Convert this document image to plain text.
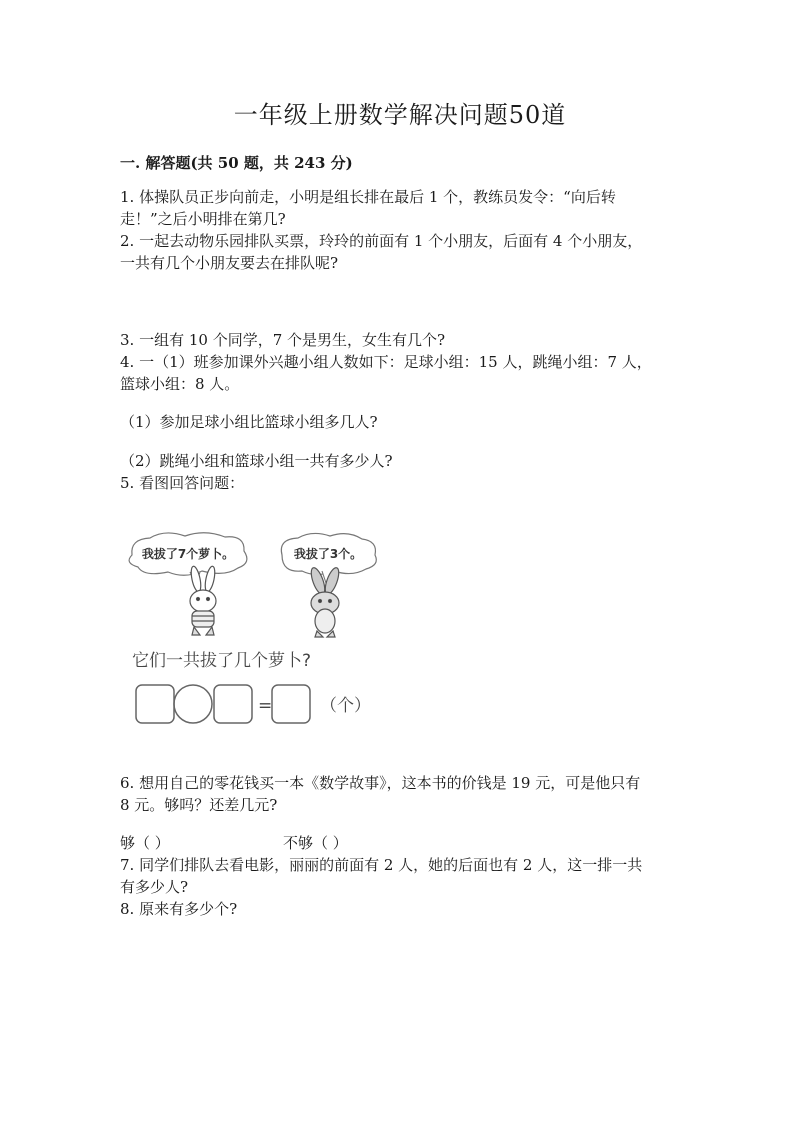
一年级上册数学解决问题50道
一. 解答题(共 50 题，共 243 分)
1. 体操队员正步向前走，小明是组长排在最后 1 个，教练员发令：“向后转
走！”之后小明排在第几?
2. 一起去动物乐园排队买票，玲玲的前面有 1 个小朋友，后面有 4 个小朋友，
一共有几个小朋友要去在排队呢?
3. 一组有 10 个同学，7 个是男生，女生有几个?
4. 一（1）班参加课外兴趣小组人数如下：足球小组：15 人，跳绳小组：7 人，
篮球小组：8 人。
（1）参加足球小组比篮球小组多几人?
（2）跳绳小组和篮球小组一共有多少人?
5. 看图回答问题：
我拔了7个萝卜。	我拔了3个。
它们一共拔了几个萝卜?
=	（个）
6. 想用自己的零花钱买一本《数学故事》，这本书的价钱是 19 元，可是他只有
8 元。够吗？还差几元?
够（ ）	不够（ ）
7. 同学们排队去看电影，丽丽的前面有 2 人，她的后面也有 2 人，这一排一共
有多少人?
8. 原来有多少个?
